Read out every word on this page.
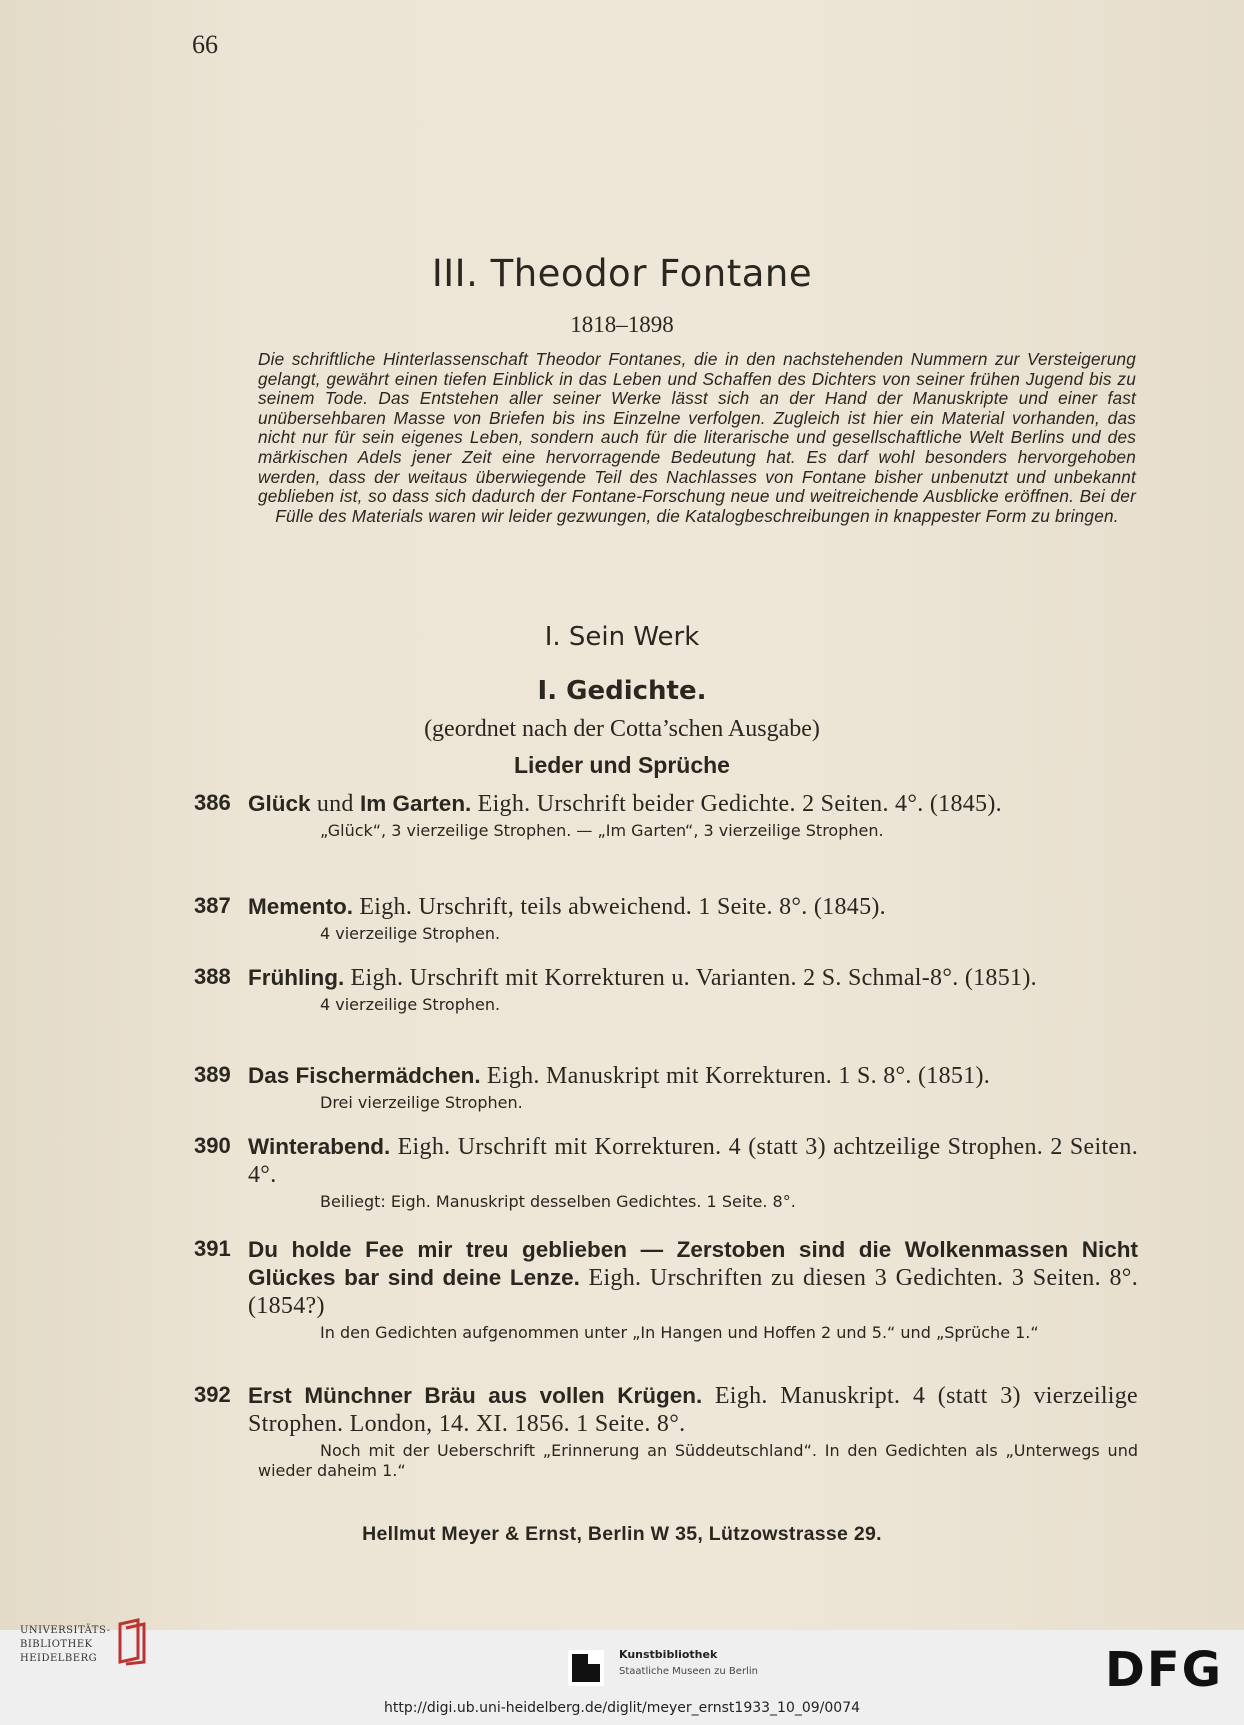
66
III. Theodor Fontane
1818–1898
Die schriftliche Hinterlassenschaft Theodor Fontanes, die in den nachstehenden Nummern zur Versteigerung gelangt, gewährt einen tiefen Einblick in das Leben und Schaffen des Dichters von seiner frühen Jugend bis zu seinem Tode. Das Entstehen aller seiner Werke lässt sich an der Hand der Manuskripte und einer fast unübersehbaren Masse von Briefen bis ins Einzelne verfolgen. Zugleich ist hier ein Material vorhanden, das nicht nur für sein eigenes Leben, sondern auch für die literarische und gesellschaftliche Welt Berlins und des märkischen Adels jener Zeit eine hervorragende Bedeutung hat. Es darf wohl besonders hervorgehoben werden, dass der weitaus überwiegende Teil des Nachlasses von Fontane bisher unbenutzt und unbekannt geblieben ist, so dass sich dadurch der Fontane-Forschung neue und weitreichende Ausblicke eröffnen. Bei der Fülle des Materials waren wir leider gezwungen, die Katalogbeschreibungen in knappester Form zu bringen.
I. Sein Werk
I. Gedichte.
(geordnet nach der Cotta’schen Ausgabe)
Lieder und Sprüche
386 Glück und Im Garten. Eigh. Urschrift beider Gedichte. 2 Seiten. 4°. (1845).
„Glück“, 3 vierzeilige Strophen. — „Im Garten“, 3 vierzeilige Strophen.
387 Memento. Eigh. Urschrift, teils abweichend. 1 Seite. 8°. (1845).
4 vierzeilige Strophen.
388 Frühling. Eigh. Urschrift mit Korrekturen u. Varianten. 2 S. Schmal-8°. (1851).
4 vierzeilige Strophen.
389 Das Fischermädchen. Eigh. Manuskript mit Korrekturen. 1 S. 8°. (1851).
Drei vierzeilige Strophen.
390 Winterabend. Eigh. Urschrift mit Korrekturen. 4 (statt 3) achtzeilige Strophen. 2 Seiten. 4°.
Beiliegt: Eigh. Manuskript desselben Gedichtes. 1 Seite. 8°.
391 Du holde Fee mir treu geblieben — Zerstoben sind die Wolkenmassen Nicht Glückes bar sind deine Lenze. Eigh. Urschriften zu diesen 3 Gedichten. 3 Seiten. 8°. (1854?)
In den Gedichten aufgenommen unter „In Hangen und Hoffen 2 und 5.“ und „Sprüche 1.“
392 Erst Münchner Bräu aus vollen Krügen. Eigh. Manuskript. 4 (statt 3) vierzeilige Strophen. London, 14. XI. 1856. 1 Seite. 8°.
Noch mit der Ueberschrift „Erinnerung an Süddeutschland“. In den Gedichten als „Unterwegs und wieder daheim 1.“
Hellmut Meyer & Ernst, Berlin W 35, Lützowstrasse 29.
UNIVERSITÄTS-
BIBLIOTHEK
HEIDELBERG	Kunstbibliothek
Staatliche Museen zu Berlin	DFG
http://digi.ub.uni-heidelberg.de/diglit/meyer_ernst1933_10_09/0074
